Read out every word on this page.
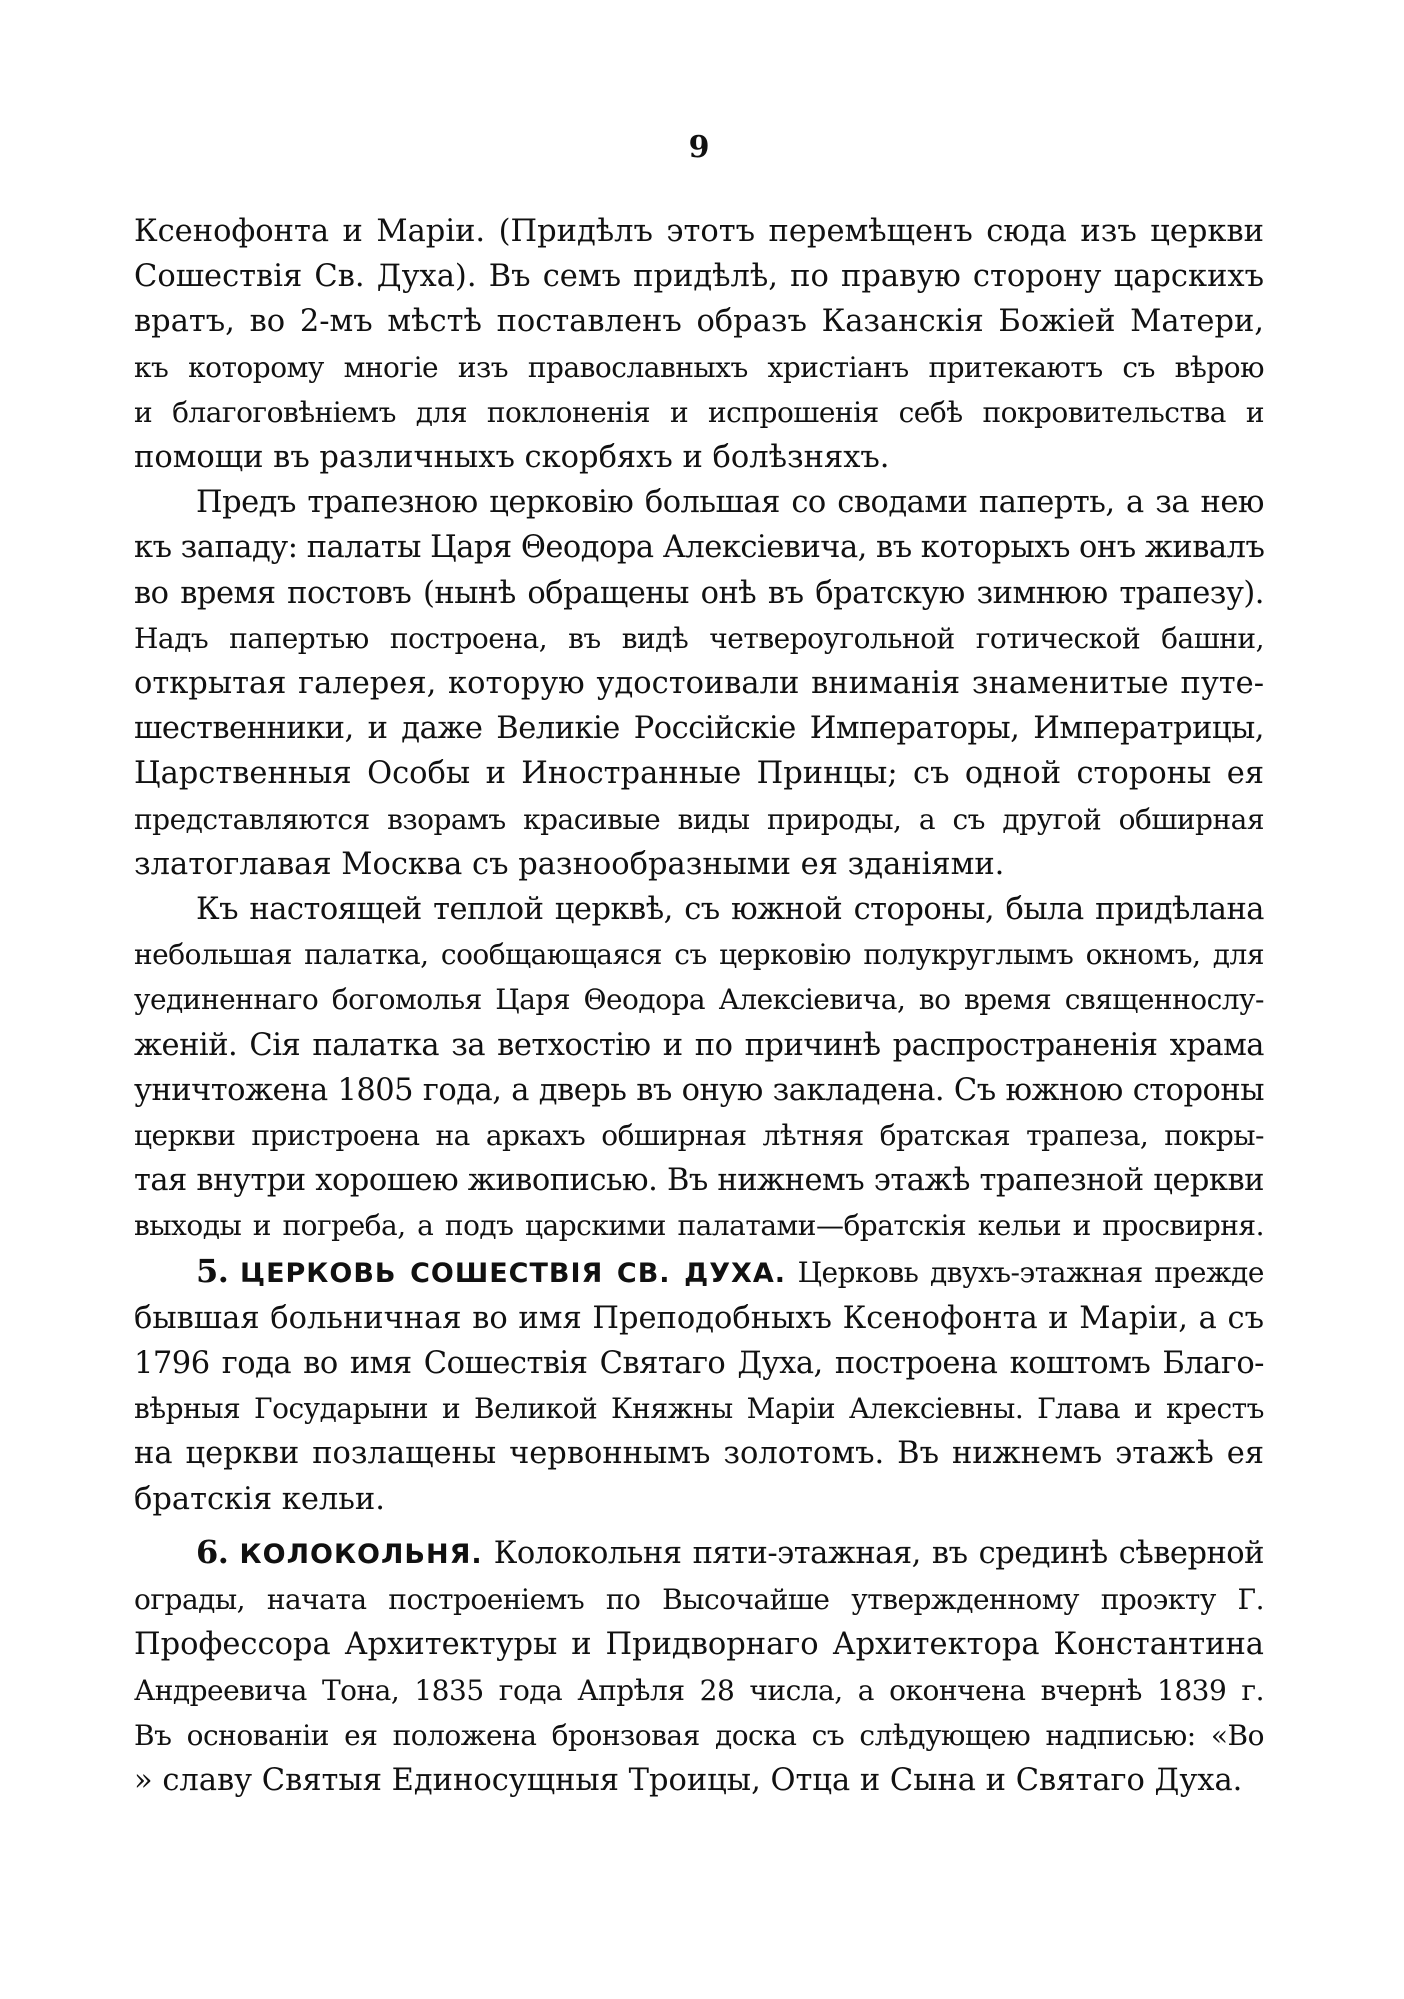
9
Ксенофонта и Маріи. (Придѣлъ этотъ перемѣщенъ сюда изъ церкви
Сошествія Св. Духа). Въ семъ придѣлѣ, по правую сторону царскихъ
вратъ, во 2-мъ мѣстѣ поставленъ образъ Казанскія Божіей Матери,
къ которому многіе изъ православныхъ христіанъ притекаютъ съ вѣрою
и благоговѣніемъ для поклоненія и испрошенія себѣ покровительства и
помощи въ различныхъ скорбяхъ и болѣзняхъ.
Предъ трапезною церковію большая со сводами паперть, а за нею
къ западу: палаты Царя Θеодора Алексіевича, въ которыхъ онъ живалъ
во время постовъ (нынѣ обращены онѣ въ братскую зимнюю трапезу).
Надъ папертью построена, въ видѣ четвероугольной готической башни,
открытая галерея, которую удостоивали вниманія знаменитые путе-
шественники, и даже Великіе Россійскіе Императоры, Императрицы,
Царственныя Особы и Иностранные Принцы; съ одной стороны ея
представляются взорамъ красивые виды природы, а съ другой обширная
златоглавая Москва съ разнообразными ея зданіями.
Къ настоящей теплой церквѣ, съ южной стороны, была придѣлана
небольшая палатка, сообщающаяся съ церковію полукруглымъ окномъ, для
уединеннаго богомолья Царя Θеодора Алексіевича, во время священнослу-
женій. Сія палатка за ветхостію и по причинѣ распространенія храма
уничтожена 1805 года, а дверь въ оную закладена. Съ южною стороны
церкви пристроена на аркахъ обширная лѣтняя братская трапеза, покры-
тая внутри хорошею живописью. Въ нижнемъ этажѣ трапезной церкви
выходы и погреба, а подъ царскими палатами—братскія кельи и просвирня.
5. ЦЕРКОВЬ СОШЕСТВІЯ СВ. ДУХА. Церковь двухъ-этажная прежде
бывшая больничная во имя Преподобныхъ Ксенофонта и Маріи, а съ
1796 года во имя Сошествія Святаго Духа, построена коштомъ Благо-
вѣрныя Государыни и Великой Княжны Маріи Алексіевны. Глава и крестъ
на церкви позлащены червоннымъ золотомъ. Въ нижнемъ этажѣ ея
братскія кельи.
6. КОЛОКОЛЬНЯ. Колокольня пяти-этажная, въ срединѣ сѣверной
ограды, начата построеніемъ по Высочайше утвержденному проэкту Г.
Профессора Архитектуры и Придворнаго Архитектора Константина
Андреевича Тона, 1835 года Апрѣля 28 числа, а окончена вчернѣ 1839 г.
Въ основаніи ея положена бронзовая доска съ слѣдующею надписью: «Во
» славу Святыя Единосущныя Троицы, Отца и Сына и Святаго Духа.
